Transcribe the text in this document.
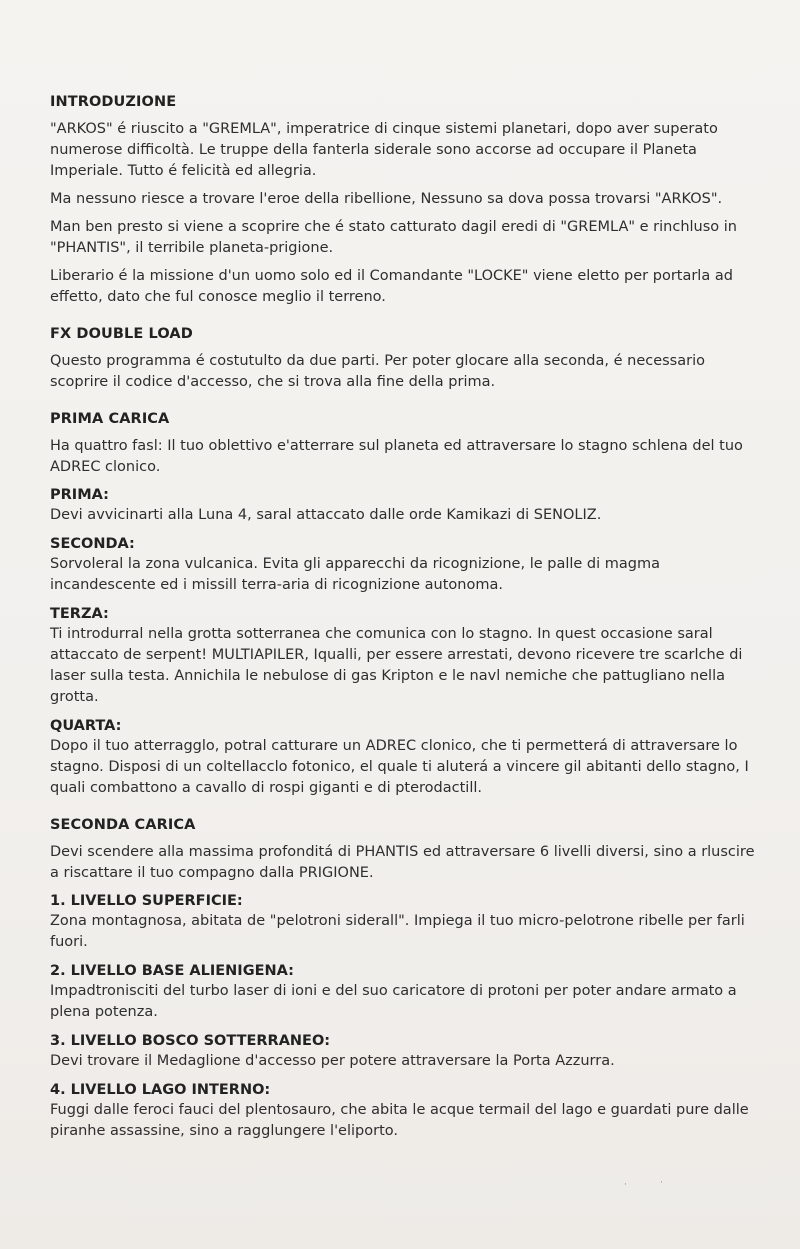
INTRODUZIONE

"ARKOS" é riuscito a "GREMLA", imperatrice di cinque sistemi planetari, dopo aver superato numerose difficoltà. Le truppe della fanterla siderale sono accorse ad occupare il Planeta Imperiale. Tutto é felicità ed allegria.

Ma nessuno riesce a trovare l'eroe della ribellione, Nessuno sa dova possa trovarsi "ARKOS".

Man ben presto si viene a scoprire che é stato catturato dagil eredi di "GREMLA" e rinchluso in "PHANTIS", il terribile planeta-prigione.

Liberario é la missione d'un uomo solo ed il Comandante "LOCKE" viene eletto per portarla ad effetto, dato che ful conosce meglio il terreno.

FX DOUBLE LOAD

Questo programma é costutulto da due parti. Per poter glocare alla seconda, é necessario scoprire il codice d'accesso, che si trova alla fine della prima.

PRIMA CARICA

Ha quattro fasl: Il tuo oblettivo e'atterrare sul planeta ed attraversare lo stagno schlena del tuo ADREC clonico.

PRIMA:

Devi avvicinarti alla Luna 4, saral attaccato dalle orde Kamikazi di SENOLIZ.

SECONDA:

Sorvoleral la zona vulcanica. Evita gli apparecchi da ricognizione, le palle di magma incandescente ed i missill terra-aria di ricognizione autonoma.

TERZA:

Ti introdurral nella grotta sotterranea che comunica con lo stagno. In quest occasione saral attaccato de serpent! MULTIAPILER, Iqualli, per essere arrestati, devono ricevere tre scarlche di laser sulla testa. Annichila le nebulose di gas Kripton e le navl nemiche che pattugliano nella grotta.

QUARTA:

Dopo il tuo atterragglo, potral catturare un ADREC clonico, che ti permetterá di attraversare lo stagno. Disposi di un coltellacclo fotonico, el quale ti aluterá a vincere gil abitanti dello stagno, I quali combattono a cavallo di rospi giganti e di pterodactill.

SECONDA CARICA

Devi scendere alla massima profonditá di PHANTIS ed attraversare 6 livelli diversi, sino a rluscire a riscattare il tuo compagno dalla PRIGIONE.

1. LIVELLO SUPERFICIE:

Zona montagnosa, abitata de "pelotroni siderall". Impiega il tuo micro-pelotrone ribelle per farli fuori.

2. LIVELLO BASE ALIENIGENA:

Impadtronisciti del turbo laser di ioni e del suo caricatore di protoni per poter andare armato a plena potenza.

3. LIVELLO BOSCO SOTTERRANEO:

Devi trovare il Medaglione d'accesso per potere attraversare la Porta Azzurra.

4. LIVELLO LAGO INTERNO:

Fuggi dalle feroci fauci del plentosauro, che abita le acque termail del lago e guardati pure dalle piranhe assassine, sino a ragglungere l'eliporto.

·	·
